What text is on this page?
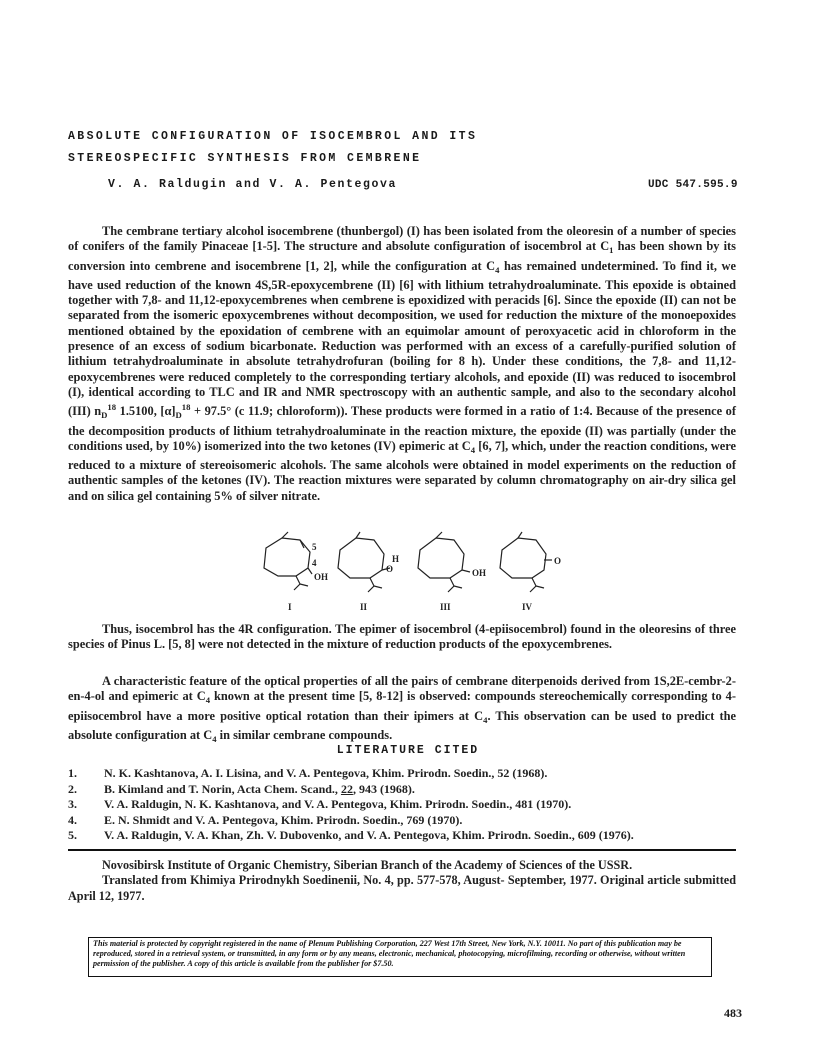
ABSOLUTE CONFIGURATION OF ISOCEMBROL AND ITS
STEREOSPECIFIC SYNTHESIS FROM CEMBRENE
V. A. Raldugin and V. A. Pentegova	UDC 547.595.9
The cembrane tertiary alcohol isocembrene (thunbergol) (I) has been isolated from the oleoresin of a number of species of conifers of the family Pinaceae [1-5]. The structure and absolute configuration of isocembrol at $C_1$ has been shown by its conversion into cembrene and isocembrene [1, 2], while the configuration at $C_4$ has remained undetermined. To find it, we have used reduction of the known 4S,5R-epoxycembrene (II) [6] with lithium tetrahydroaluminate. This epoxide is obtained together with 7,8- and 11,12-epoxycembrenes when cembrene is epoxidized with peracids [6]. Since the epoxide (II) can not be separated from the isomeric epoxycembrenes without decomposition, we used for reduction the mixture of the monoepoxides mentioned obtained by the epoxidation of cembrene with an equimolar amount of peroxyacetic acid in chloroform in the presence of an excess of sodium bicarbonate. Reduction was performed with an excess of a carefully-purified solution of lithium tetrahydroaluminate in absolute tetrahydrofuran (boiling for 8 h). Under these conditions, the 7,8- and 11,12-epoxycembrenes were reduced completely to the corresponding tertiary alcohols, and epoxide (II) was reduced to isocembrol (I), identical according to TLC and IR and NMR spectroscopy with an authentic sample, and also to the secondary alcohol (III) $n_D^{18}$ 1.5100, $[\alpha]_D^{18} + 97.5^\circ$ (c 11.9; chloroform)). These products were formed in a ratio of 1:4. Because of the presence of the decomposition products of lithium tetrahydroaluminate in the reaction mixture, the epoxide (II) was partially (under the conditions used, by 10%) isomerized into the two ketones (IV) epimeric at $C_4$ [6, 7], which, under the reaction conditions, were reduced to a mixture of stereoisomeric alcohols. The same alcohols were obtained in model experiments on the reduction of authentic samples of the ketones (IV). The reaction mixtures were separated by column chromatography on air-dry silica gel and on silica gel containing 5% of silver nitrate.
5
4
OH
O
H
OH
O
I	II	III	IV
Thus, isocembrol has the 4R configuration. The epimer of isocembrol (4-epiisocembrol) found in the oleoresins of three species of Pinus L. [5, 8] were not detected in the mixture of reduction products of the epoxycembrenes.
A characteristic feature of the optical properties of all the pairs of cembrane diterpenoids derived from 1S,2E-cembr-2-en-4-ol and epimeric at $C_4$ known at the present time [5, 8-12] is observed: compounds stereochemically corresponding to 4-epiisocembrol have a more positive optical rotation than their ipimers at $C_4$. This observation can be used to predict the absolute configuration at $C_4$ in similar cembrane compounds.
LITERATURE CITED
1.	N. K. Kashtanova, A. I. Lisina, and V. A. Pentegova, Khim. Prirodn. Soedin., 52 (1968).
2.	B. Kimland and T. Norin, Acta Chem. Scand., 22, 943 (1968).
3.	V. A. Raldugin, N. K. Kashtanova, and V. A. Pentegova, Khim. Prirodn. Soedin., 481 (1970).
4.	E. N. Shmidt and V. A. Pentegova, Khim. Prirodn. Soedin., 769 (1970).
5.	V. A. Raldugin, V. A. Khan, Zh. V. Dubovenko, and V. A. Pentegova, Khim. Prirodn. Soedin., 609 (1976).
Novosibirsk Institute of Organic Chemistry, Siberian Branch of the Academy of Sciences of the USSR.
Translated from Khimiya Prirodnykh Soedinenii, No. 4, pp. 577-578, August- September, 1977. Original article submitted April 12, 1977.
This material is protected by copyright registered in the name of Plenum Publishing Corporation, 227 West 17th Street, New York, N.Y. 10011. No part of this publication may be reproduced, stored in a retrieval system, or transmitted, in any form or by any means, electronic, mechanical, photocopying, microfilming, recording or otherwise, without written permission of the publisher. A copy of this article is available from the publisher for $7.50.
483
